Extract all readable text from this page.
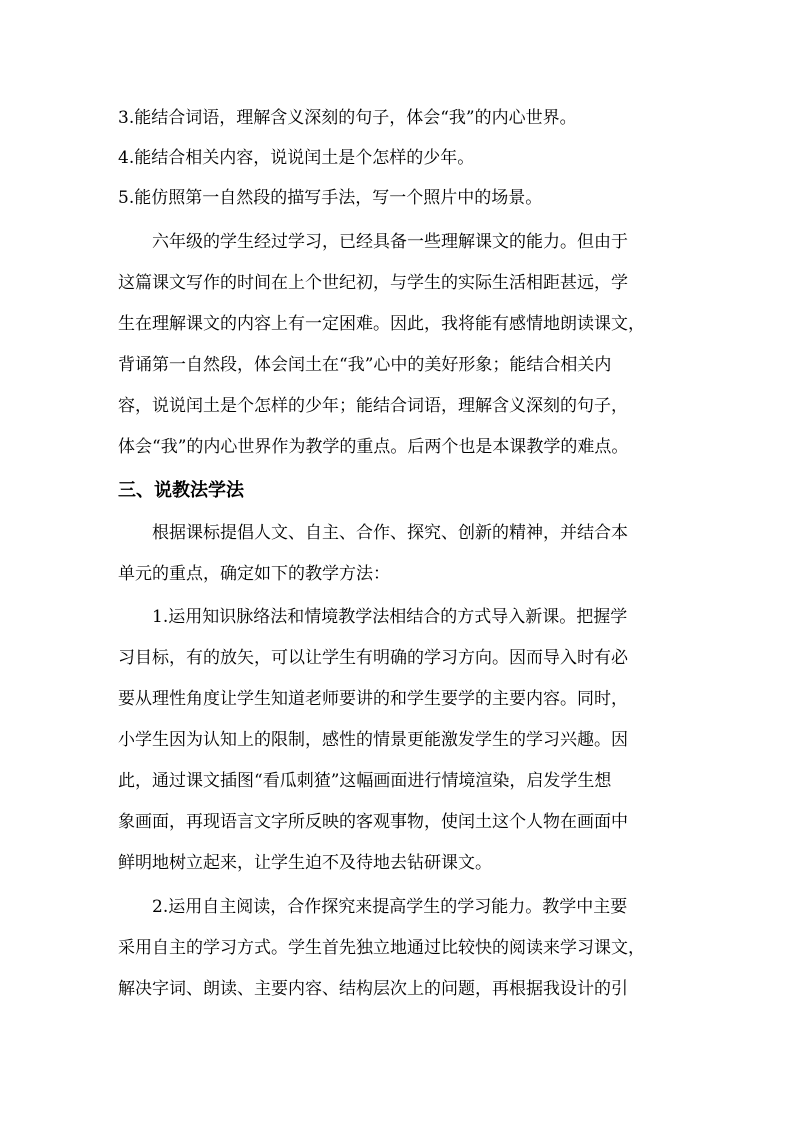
3.能结合词语，理解含义深刻的句子，体会“我”的内心世界。
4.能结合相关内容，说说闰土是个怎样的少年。
5.能仿照第一自然段的描写手法，写一个照片中的场景。
六年级的学生经过学习，已经具备一些理解课文的能力。但由于
这篇课文写作的时间在上个世纪初，与学生的实际生活相距甚远，学
生在理解课文的内容上有一定困难。因此，我将能有感情地朗读课文，
背诵第一自然段，体会闰土在“我”心中的美好形象；能结合相关内
容，说说闰土是个怎样的少年；能结合词语，理解含义深刻的句子，
体会“我”的内心世界作为教学的重点。后两个也是本课教学的难点。
三、说教法学法
根据课标提倡人文、自主、合作、探究、创新的精神，并结合本
单元的重点，确定如下的教学方法：
1.运用知识脉络法和情境教学法相结合的方式导入新课。把握学
习目标，有的放矢，可以让学生有明确的学习方向。因而导入时有必
要从理性角度让学生知道老师要讲的和学生要学的主要内容。同时，
小学生因为认知上的限制，感性的情景更能激发学生的学习兴趣。因
此，通过课文插图“看瓜刺猹”这幅画面进行情境渲染，启发学生想
象画面，再现语言文字所反映的客观事物，使闰土这个人物在画面中
鲜明地树立起来，让学生迫不及待地去钻研课文。
2.运用自主阅读，合作探究来提高学生的学习能力。教学中主要
采用自主的学习方式。学生首先独立地通过比较快的阅读来学习课文，
解决字词、朗读、主要内容、结构层次上的问题，再根据我设计的引
